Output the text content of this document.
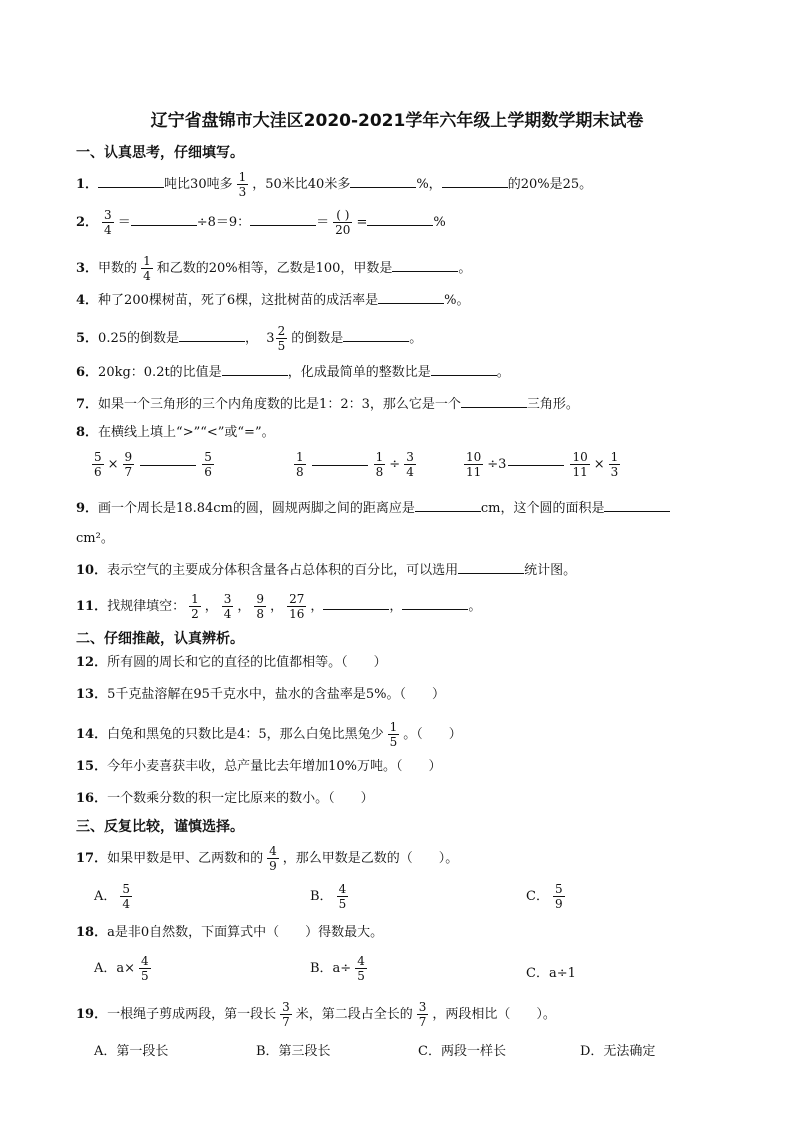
辽宁省盘锦市大洼区2020-2021学年六年级上学期数学期末试卷
一、认真思考，仔细填写。
1．	吨比30吨多 $\frac{1}{3}$ ，50米比40米多	%，	的20%是25。
2． $\frac{3}{4}$ ＝	÷8＝9：	＝ $\frac{( )}{20}$ =	%
3．甲数的 $\frac{1}{4}$ 和乙数的20%相等，乙数是100，甲数是	。
4．种了200棵树苗，死了6棵，这批树苗的成活率是	%。
5．0.25的倒数是	， $3 \frac{2}{5}$ 的倒数是	。
6．20kg：0.2t的比值是	，化成最简单的整数比是	。
7．如果一个三角形的三个内角度数的比是1：2：3，那么它是一个	三角形。
8．在横线上填上“>”“<”或“=”。
$\frac{5}{6} \times \frac{9}{7}$	$\frac{5}{6}$	$\frac{1}{8}$	$\frac{1}{8} \div \frac{3}{4}$	$\frac{10}{11} \div 3$	$\frac{10}{11} \times \frac{1}{3}$
9．画一个周长是18.84cm的圆，圆规两脚之间的距离应是	cm，这个圆的面积是
cm²。
10．表示空气的主要成分体积含量各占总体积的百分比，可以选用	统计图。
11．找规律填空： $\frac{1}{2}$ ， $\frac{3}{4}$ ， $\frac{9}{8}$ ， $\frac{27}{16}$ ，	，	。
二、仔细推敲，认真辨析。
12．所有圆的周长和它的直径的比值都相等。（　　）
13．5千克盐溶解在95千克水中，盐水的含盐率是5%。（　　）
14．白兔和黑兔的只数比是4：5，那么白兔比黑兔少 $\frac{1}{5}$ 。（　　）
15．今年小麦喜获丰收，总产量比去年增加10%万吨。（　　）
16．一个数乘分数的积一定比原来的数小。（　　）
三、反复比较，谨慎选择。
17．如果甲数是甲、乙两数和的 $\frac{4}{9}$ ，那么甲数是乙数的（　　）。
A． $\frac{5}{4}$	B． $\frac{4}{5}$	C． $\frac{5}{9}$
18．a是非0自然数，下面算式中（　　）得数最大。
A．$a\times \frac{4}{5}$	B．$a\div \frac{4}{5}$	C．a÷1
19．一根绳子剪成两段，第一段长 $\frac{3}{7}$ 米，第二段占全长的 $\frac{3}{7}$ ，两段相比（　　）。
A．第一段长	B．第三段长	C．两段一样长	D．无法确定
